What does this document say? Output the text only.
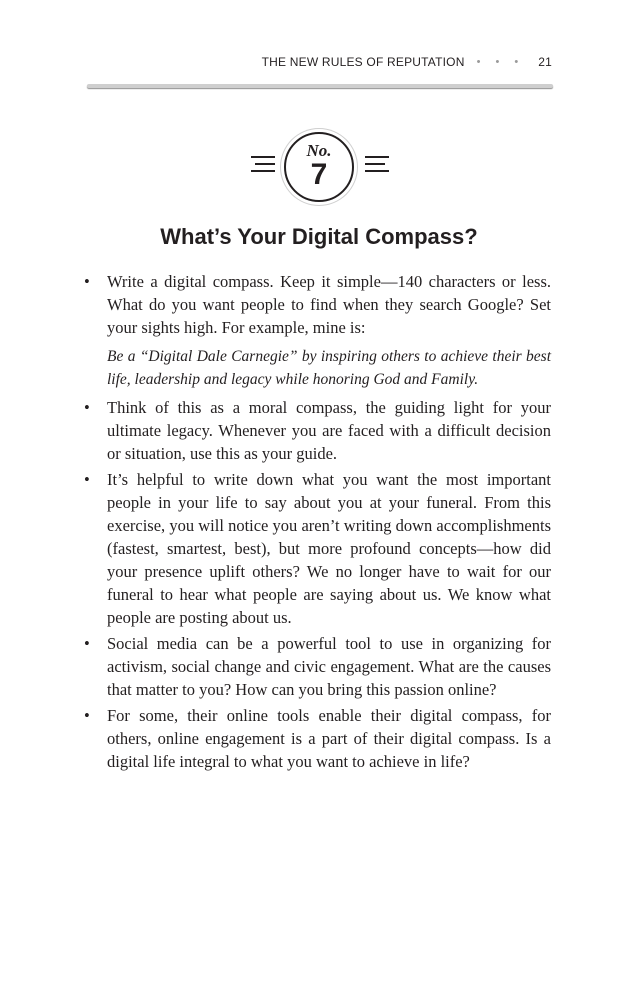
THE NEW RULES OF REPUTATION • • • 21
No.
7
What’s Your Digital Compass?
• Write a digital compass. Keep it simple—140 characters or less. What do you want people to find when they search Google? Set your sights high. For example, mine is:
Be a “Digital Dale Carnegie” by inspiring others to achieve their best life, leadership and legacy while honoring God and Family.
• Think of this as a moral compass, the guiding light for your ultimate legacy. Whenever you are faced with a difficult decision or situation, use this as your guide.
• It’s helpful to write down what you want the most important people in your life to say about you at your funeral. From this exercise, you will notice you aren’t writing down accomplishments (fastest, smartest, best), but more profound concepts—how did your presence uplift others? We no longer have to wait for our funeral to hear what people are saying about us. We know what people are posting about us.
• Social media can be a powerful tool to use in organizing for activism, social change and civic engagement. What are the causes that matter to you? How can you bring this passion online?
• For some, their online tools enable their digital compass, for others, online engagement is a part of their digital compass. Is a digital life integral to what you want to achieve in life?
